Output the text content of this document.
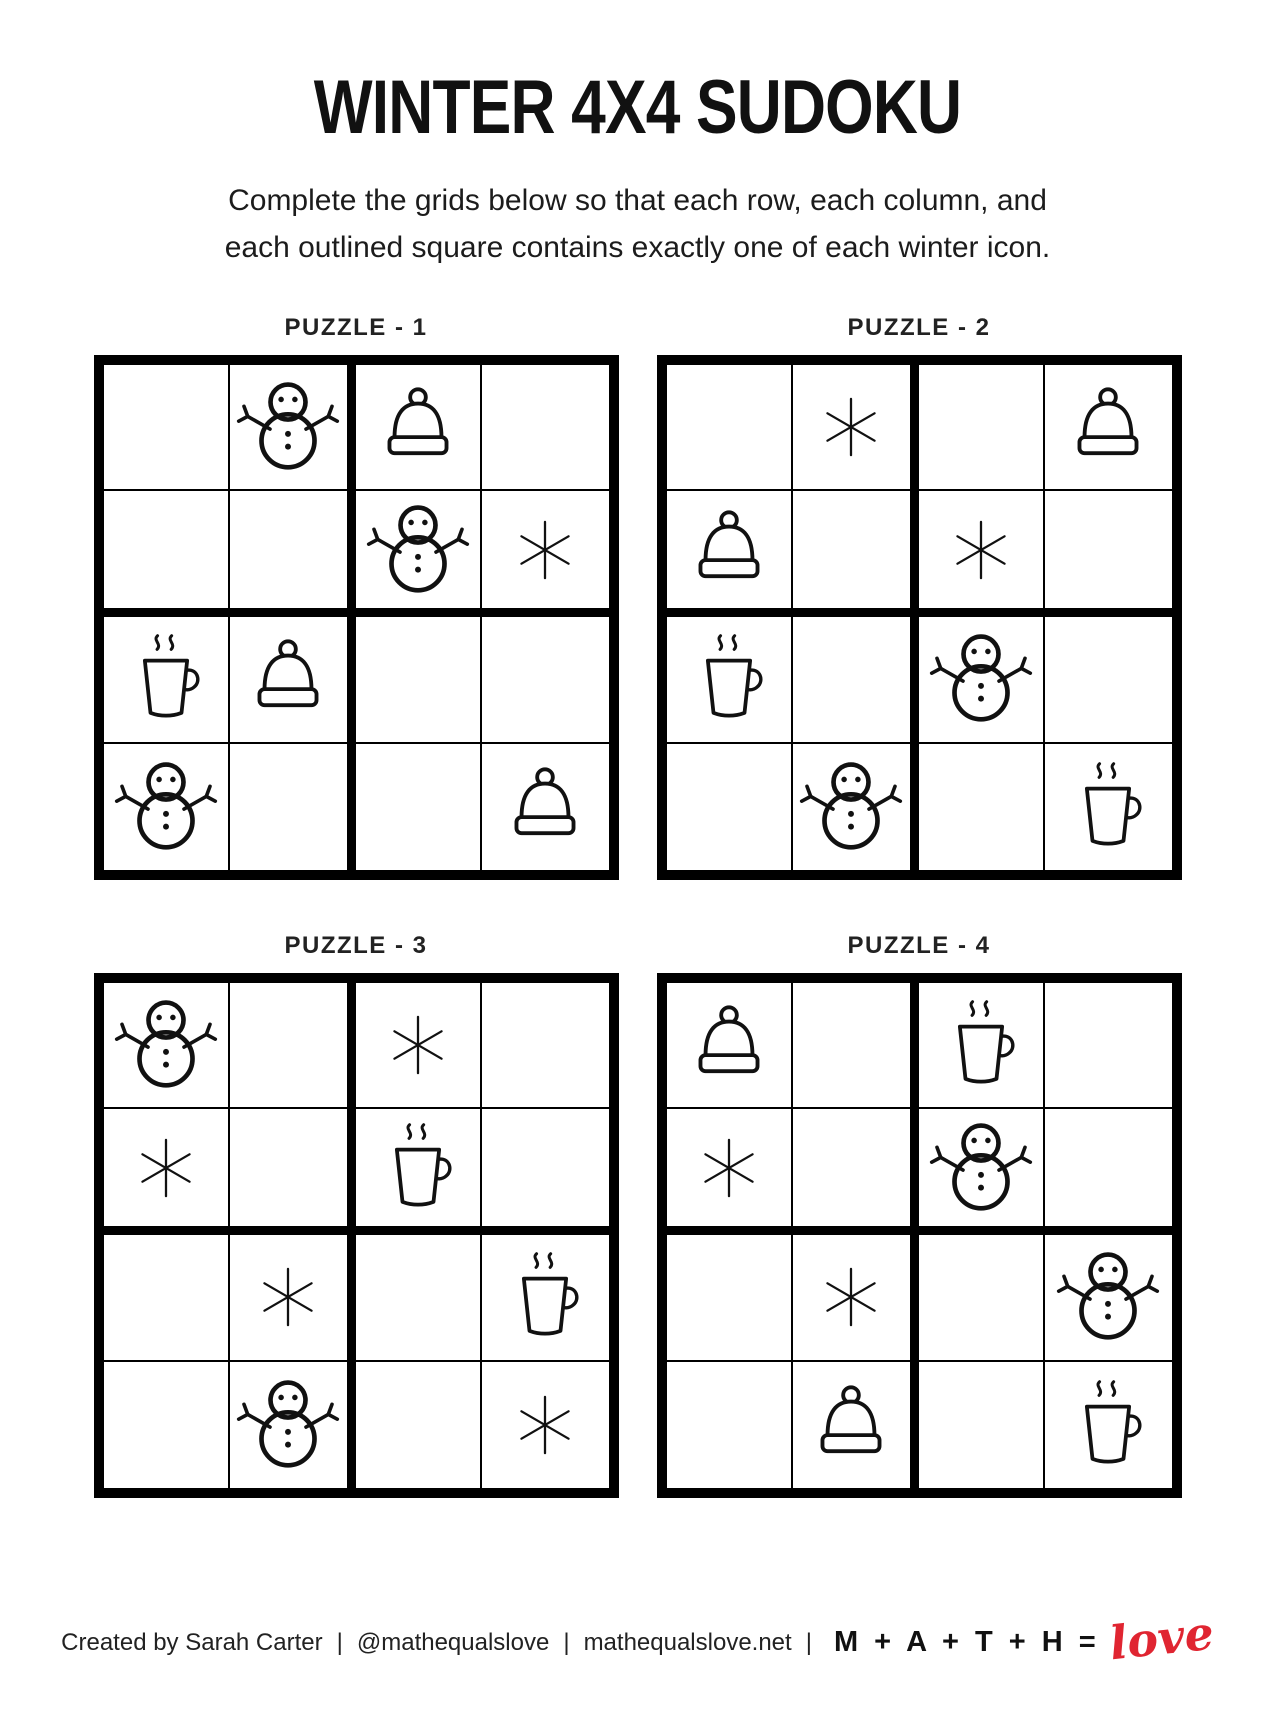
WINTER 4X4 SUDOKU
Complete the grids below so that each row, each column, and
each outlined square contains exactly one of each winter icon.
PUZZLE - 1	PUZZLE - 2
PUZZLE - 3	PUZZLE - 4
Created by Sarah Carter | @mathequalslove | mathequalslove.net | M + A + T + H = love
